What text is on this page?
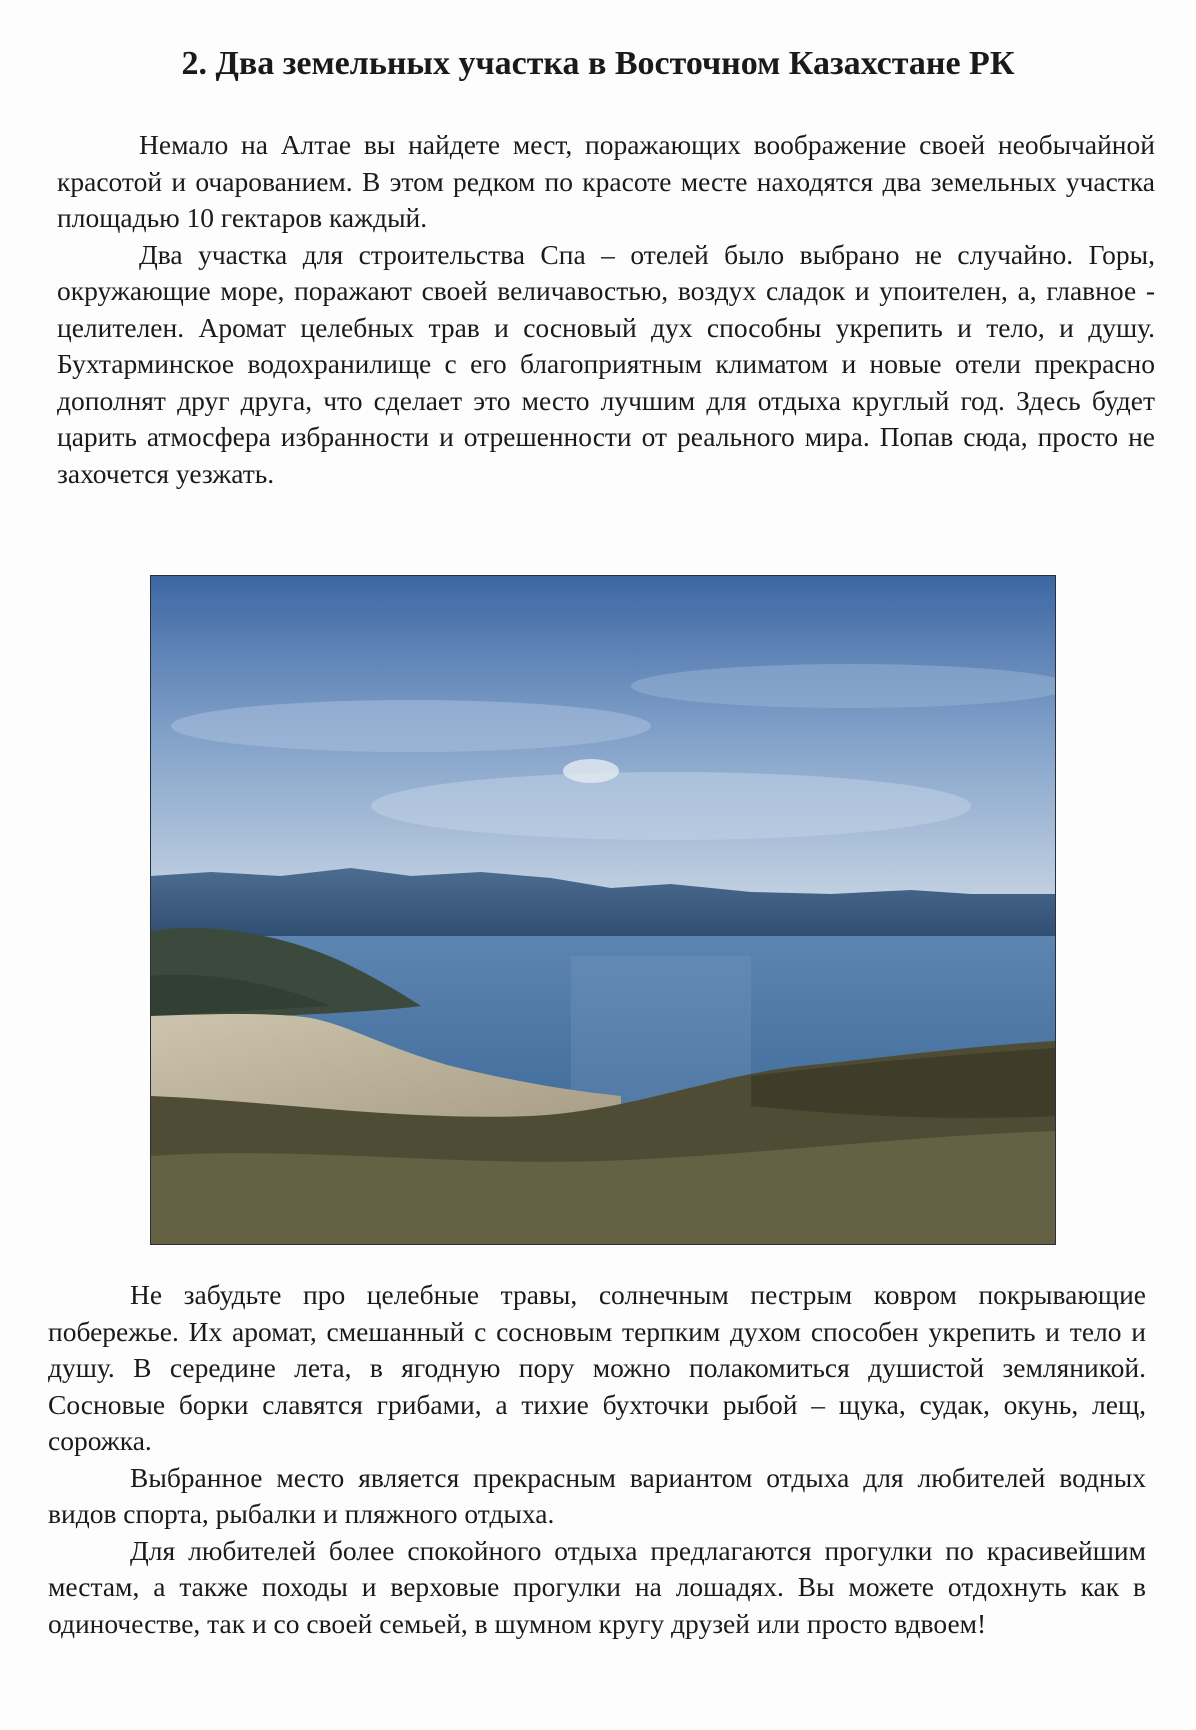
2. Два земельных участка в Восточном Казахстане РК

Немало на Алтае вы найдете мест, поражающих воображение своей необычайной красотой и очарованием. В этом редком по красоте месте находятся два земельных участка площадью 10 гектаров каждый.

Два участка для строительства Спа – отелей было выбрано не случайно. Горы, окружающие море, поражают своей величавостью, воздух сладок и упоителен, а, главное - целителен. Аромат целебных трав и сосновый дух способны укрепить и тело, и душу. Бухтарминское водохранилище с его благоприятным климатом и новые отели прекрасно дополнят друг друга, что сделает это место лучшим для отдыха круглый год. Здесь будет царить атмосфера избранности и отрешенности от реального мира. Попав сюда, просто не захочется уезжать.

Не забудьте про целебные травы, солнечным пестрым ковром покрывающие побережье. Их аромат, смешанный с сосновым терпким духом способен укрепить и тело и душу. В середине лета, в ягодную пору можно полакомиться душистой земляникой. Сосновые борки славятся грибами, а тихие бухточки рыбой – щука, судак, окунь, лещ, сорожка.

Выбранное место является прекрасным вариантом отдыха для любителей водных видов спорта, рыбалки и пляжного отдыха.

Для любителей более спокойного отдыха предлагаются прогулки по красивейшим местам, а также походы и верховые прогулки на лошадях. Вы можете отдохнуть как в одиночестве, так и со своей семьей, в шумном кругу друзей или просто вдвоем!
